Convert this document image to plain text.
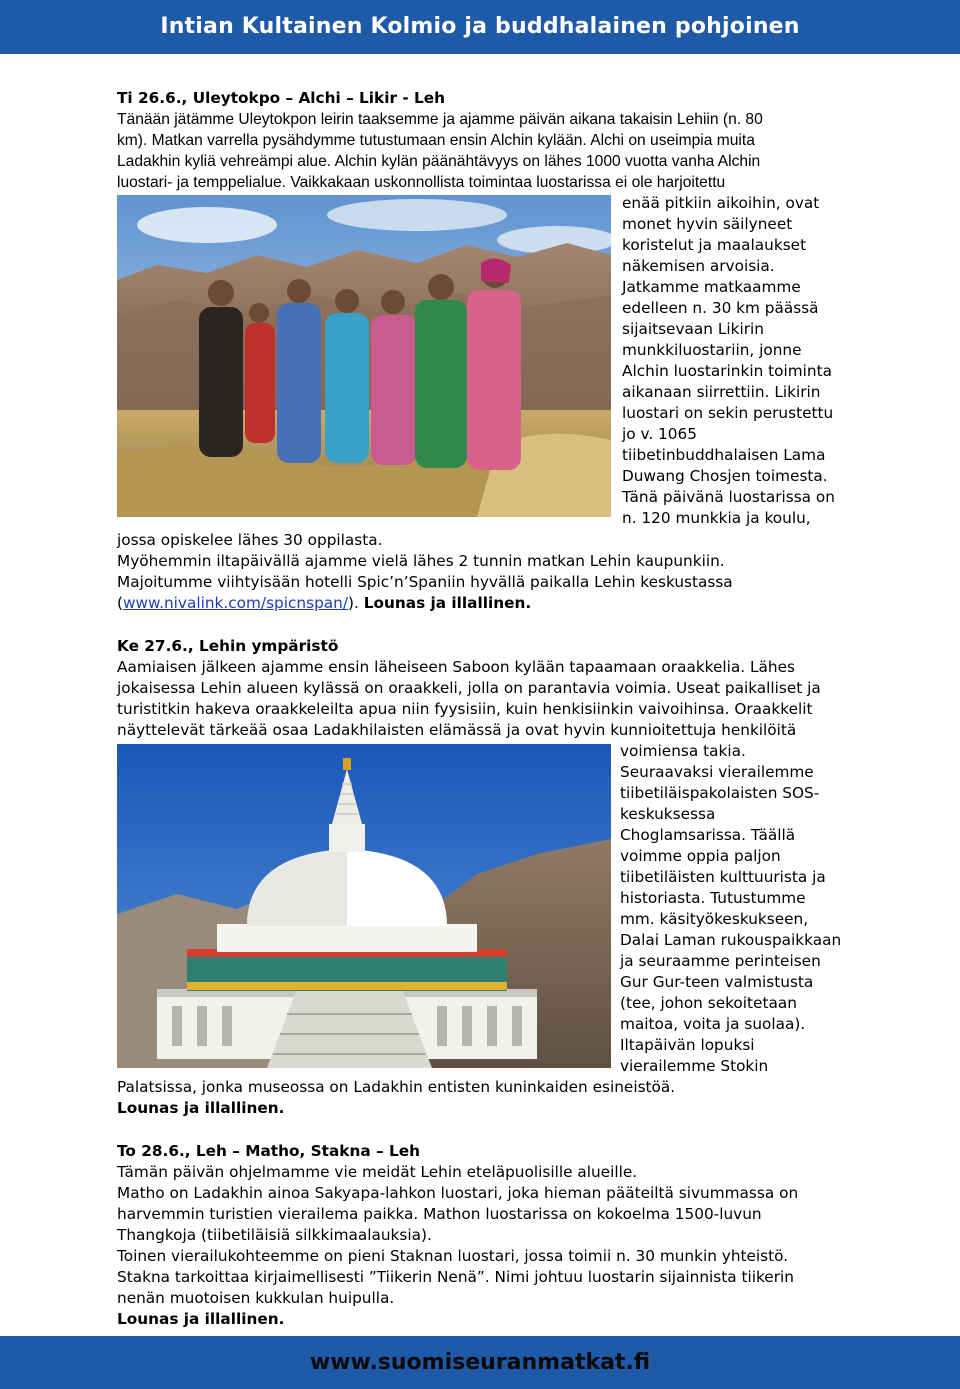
Intian Kultainen Kolmio ja buddhalainen pohjoinen
Ti 26.6., Uleytokpo – Alchi – Likir - Leh
Tänään jätämme Uleytokpon leirin taaksemme ja ajamme päivän aikana takaisin Lehiin (n. 80
km). Matkan varrella pysähdymme tutustumaan ensin Alchin kylään. Alchi on useimpia muita
Ladakhin kyliä vehreämpi alue. Alchin kylän päänähtävyys on lähes 1000 vuotta vanha Alchin
luostari- ja temppelialue. Vaikkakaan uskonnollista toimintaa luostarissa ei ole harjoitettu
enää pitkiin aikoihin, ovat
monet hyvin säilyneet
koristelut ja maalaukset
näkemisen arvoisia.
Jatkamme matkaamme
edelleen n. 30 km päässä
sijaitsevaan Likirin
munkkiluostariin, jonne
Alchin luostarinkin toiminta
aikanaan siirrettiin. Likirin
luostari on sekin perustettu
jo v. 1065
tiibetinbuddhalaisen Lama
Duwang Chosjen toimesta.
Tänä päivänä luostarissa on
n. 120 munkkia ja koulu,
jossa opiskelee lähes 30 oppilasta.
Myöhemmin iltapäivällä ajamme vielä lähes 2 tunnin matkan Lehin kaupunkiin.
Majoitumme viihtyisään hotelli Spic’n’Spaniin hyvällä paikalla Lehin keskustassa
(www.nivalink.com/spicnspan/). Lounas ja illallinen.
Ke 27.6., Lehin ympäristö
Aamiaisen jälkeen ajamme ensin läheiseen Saboon kylään tapaamaan oraakkelia. Lähes
jokaisessa Lehin alueen kylässä on oraakkeli, jolla on parantavia voimia. Useat paikalliset ja
turistitkin hakeva oraakkeleilta apua niin fyysisiin, kuin henkisiinkin vaivoihinsa. Oraakkelit
näyttelevät tärkeää osaa Ladakhilaisten elämässä ja ovat hyvin kunnioitettuja henkilöitä
voimiensa takia.
Seuraavaksi vierailemme
tiibetiläispakolaisten SOS-
keskuksessa
Choglamsarissa. Täällä
voimme oppia paljon
tiibetiläisten kulttuurista ja
historiasta. Tutustumme
mm. käsityökeskukseen,
Dalai Laman rukouspaikkaan
ja seuraamme perinteisen
Gur Gur-teen valmistusta
(tee, johon sekoitetaan
maitoa, voita ja suolaa).
Iltapäivän lopuksi
vierailemme Stokin
Palatsissa, jonka museossa on Ladakhin entisten kuninkaiden esineistöä.
Lounas ja illallinen.
To 28.6., Leh – Matho, Stakna – Leh
Tämän päivän ohjelmamme vie meidät Lehin eteläpuolisille alueille.
Matho on Ladakhin ainoa Sakyapa-lahkon luostari, joka hieman pääteiltä sivummassa on
harvemmin turistien vierailema paikka. Mathon luostarissa on kokoelma 1500-luvun
Thangkoja (tiibetiläisiä silkkimaalauksia).
Toinen vierailukohteemme on pieni Staknan luostari, jossa toimii n. 30 munkin yhteistö.
Stakna tarkoittaa kirjaimellisesti ”Tiikerin Nenä”. Nimi johtuu luostarin sijainnista tiikerin
nenän muotoisen kukkulan huipulla.
Lounas ja illallinen.
www.suomiseuranmatkat.fi
